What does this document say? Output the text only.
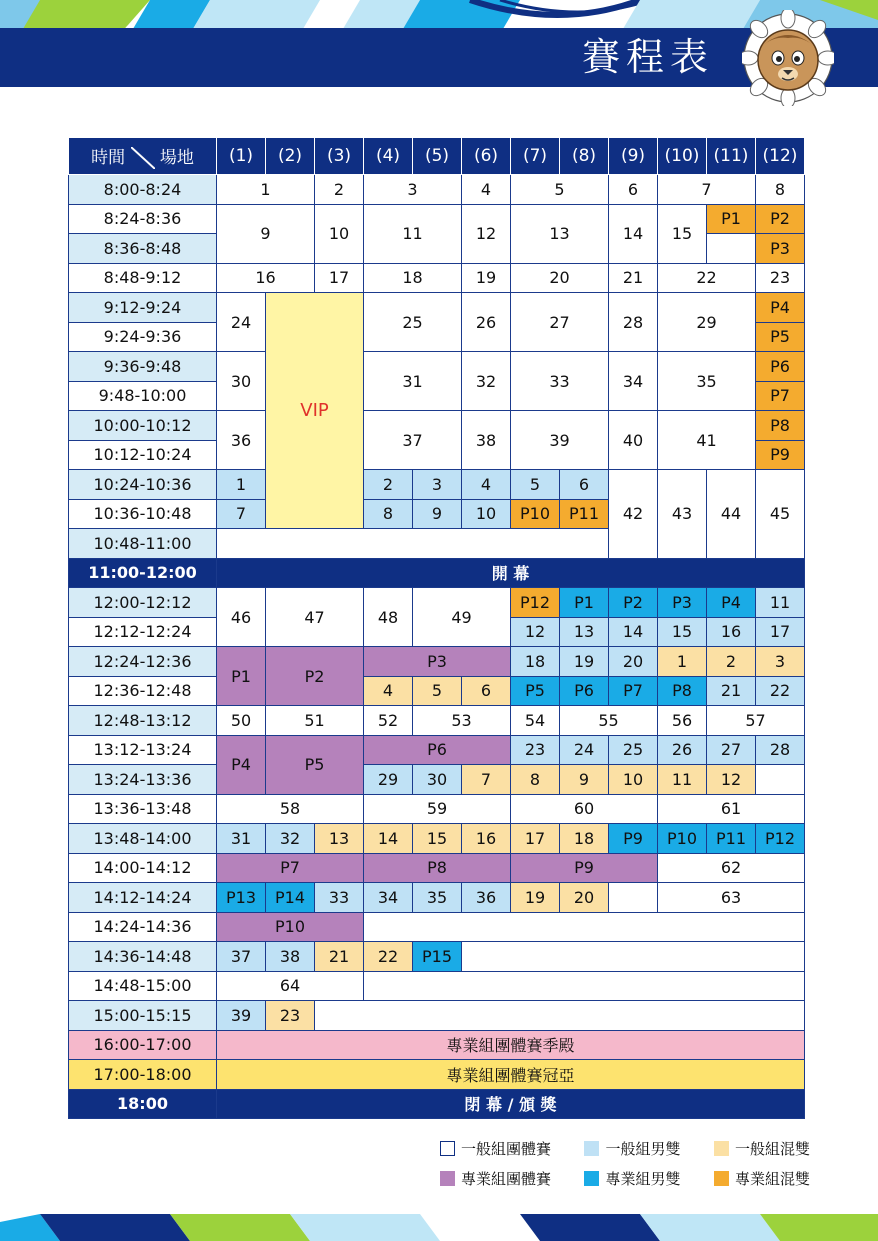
賽程表
時間 場地	(1)	(2)	(3)	(4)	(5)	(6)	(7)	(8)	(9)	(10)	(11)	(12)
8:00-8:24	1		2	3		4	5		6	7		8
8:24-8:36	9		10	11		12	13		14	15	P1	P2
8:36-8:48												P3
8:48-9:12	16		17	18		19	20		21	22		23
9:12-9:24	24	VIP		25		26	27		28	29		P4
9:24-9:36												P5
9:36-9:48	30			31		32	33		34	35		P6
9:48-10:00												P7
10:00-10:12	36			37		38	39		40	41		P8
10:12-10:24												P9
10:24-10:36	1			2	3	4	5	6	42	43	44	45
10:36-10:48	7			8	9	10	P10	P11				
10:48-11:00												
11:00-12:00	開 幕											
12:00-12:12	46	47		48	49		P12	P1	P2	P3	P4	11
12:12-12:24							12	13	14	15	16	17
12:24-12:36	P1	P2		P3			18	19	20	1	2	3
12:36-12:48				4	5	6	P5	P6	P7	P8	21	22
12:48-13:12	50	51		52	53		54	55		56	57	
13:12-13:24	P4	P5		P6			23	24	25	26	27	28
13:24-13:36				29	30	7	8	9	10	11	12	
13:36-13:48	58			59			60			61		
13:48-14:00	31	32	13	14	15	16	17	18	P9	P10	P11	P12
14:00-14:12	P7			P8			P9			62		
14:12-14:24	P13	P14	33	34	35	36	19	20		63		
14:24-14:36	P10											
14:36-14:48	37	38	21	22	P15							
14:48-15:00	64											
15:00-15:15	39	23										
16:00-17:00	專業組團體賽季殿											
17:00-18:00	專業組團體賽冠亞											
18:00	閉 幕 / 頒 獎											
一般組團體賽	一般組男雙	一般組混雙
專業組團體賽	專業組男雙	專業組混雙
